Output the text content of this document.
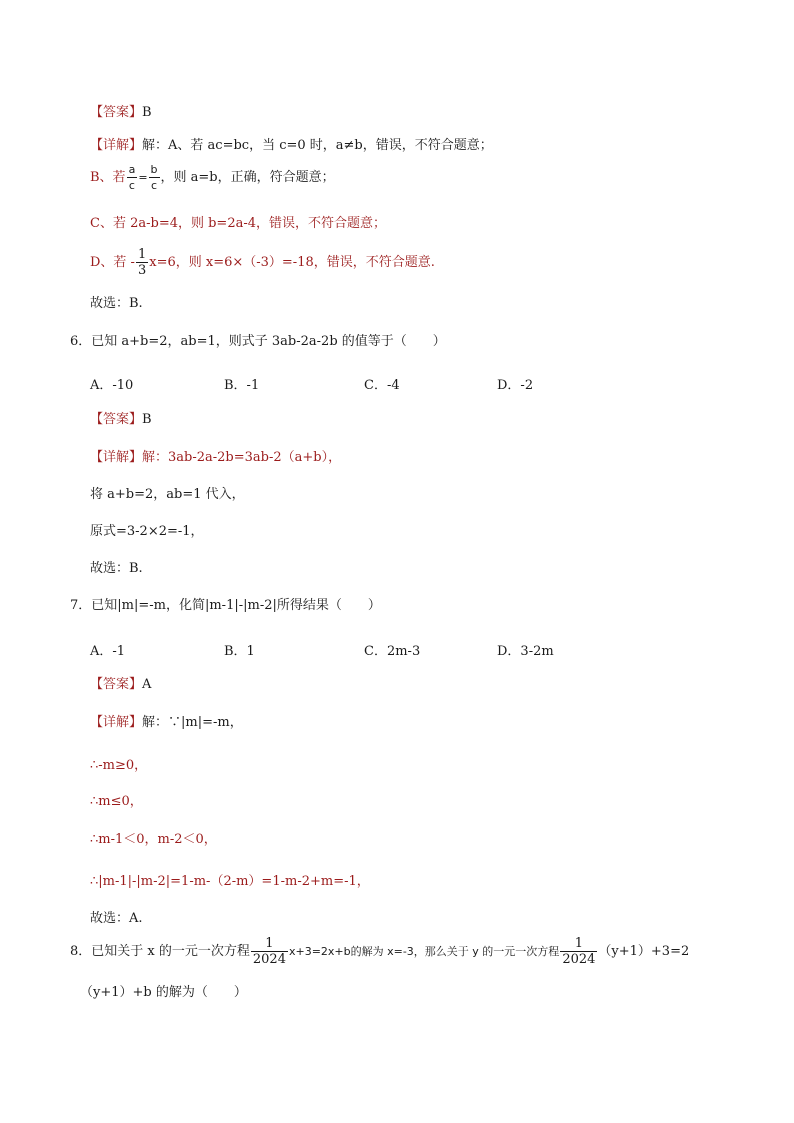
【答案】B
【详解】解：A、若 ac=bc，当 c=0 时，a≠b，错误，不符合题意；
B、若 $\frac{a}{c} = \frac{b}{c}$ ，则 a=b，正确，符合题意；
C、若 2a-b=4，则 b=2a-4，错误，不符合题意；
D、若 - $\frac{1}{3} x=6$，则 x=6×（-3）=-18，错误，不符合题意.
故选：B.
6．已知 a+b=2，ab=1，则式子 3ab-2a-2b 的值等于（　　）
A．-10	B．-1	C．-4	D．-2
【答案】B
【详解】解：3ab-2a-2b=3ab-2（a+b），
将 a+b=2，ab=1 代入，
原式=3-2×2=-1，
故选：B.
7．已知|m|=-m，化简|m-1|-|m-2|所得结果（　　）
A．-1	B．1	C．2m-3	D．3-2m
【答案】A
【详解】解：∵|m|=-m，
∴-m≥0，
∴m≤0，
∴m-1＜0，m-2＜0，
∴|m-1|-|m-2|=1-m-（2-m）=1-m-2+m=-1，
故选：A.
8．已知关于 x 的一元一次方程 $\frac{1}{2024} x+3=2x+b$的解为 x=-3，那么关于 y 的一元一次方程 $\frac{1}{2024} (y+1)+3=2$
（y+1）+b 的解为（　　）
